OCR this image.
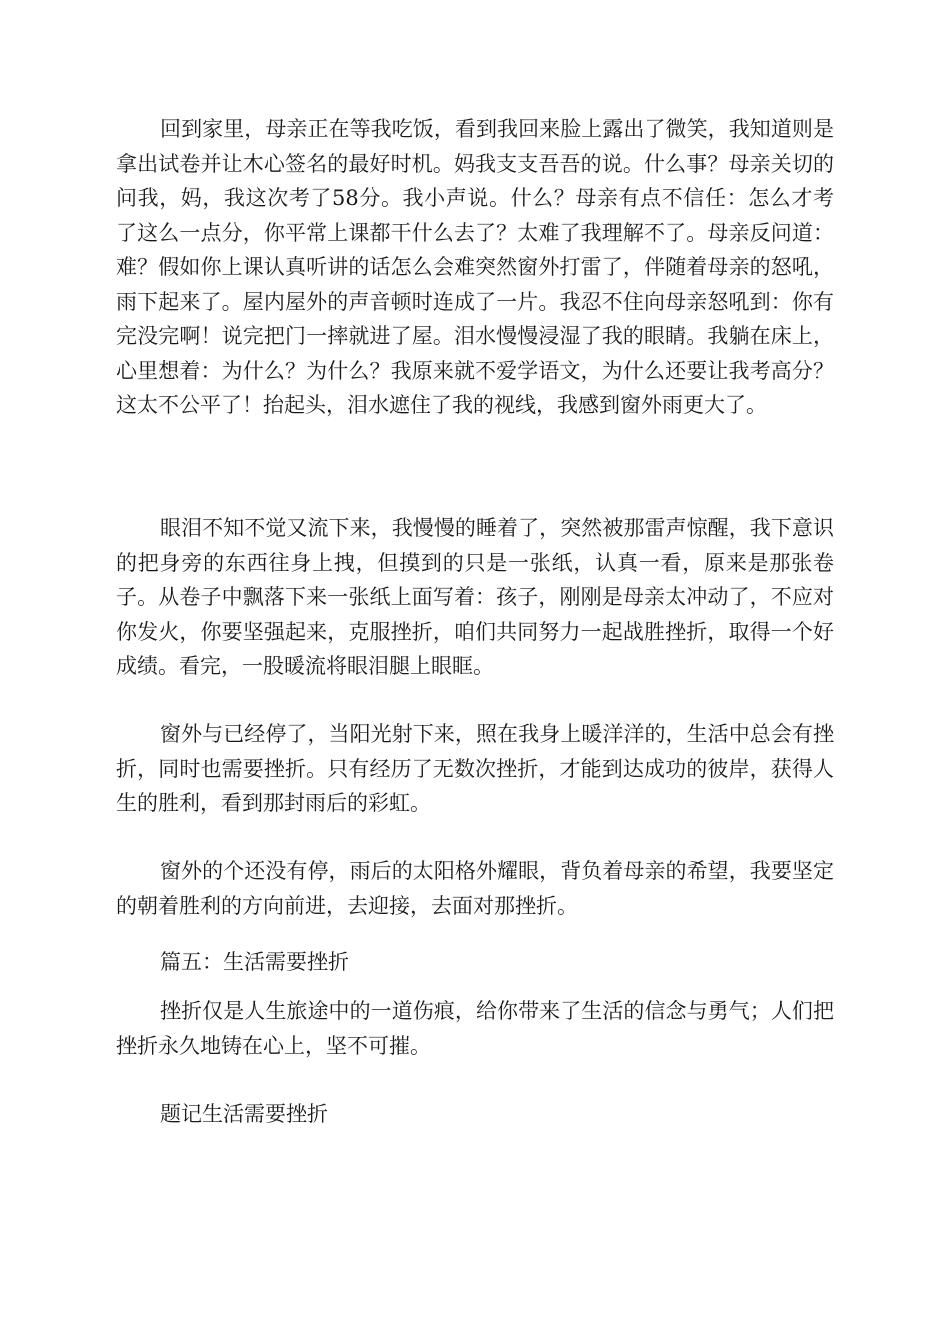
回到家里，母亲正在等我吃饭，看到我回来脸上露出了微笑，我知道则是拿出试卷并让木心签名的最好时机。妈我支支吾吾的说。什么事？母亲关切的问我，妈，我这次考了58分。我小声说。什么？母亲有点不信任：怎么才考了这么一点分，你平常上课都干什么去了？太难了我理解不了。母亲反问道：难？假如你上课认真听讲的话怎么会难突然窗外打雷了，伴随着母亲的怒吼，雨下起来了。屋内屋外的声音顿时连成了一片。我忍不住向母亲怒吼到：你有完没完啊！说完把门一摔就进了屋。泪水慢慢浸湿了我的眼睛。我躺在床上，心里想着：为什么？为什么？我原来就不爱学语文，为什么还要让我考高分？这太不公平了！抬起头，泪水遮住了我的视线，我感到窗外雨更大了。

眼泪不知不觉又流下来，我慢慢的睡着了，突然被那雷声惊醒，我下意识的把身旁的东西往身上拽，但摸到的只是一张纸，认真一看，原来是那张卷子。从卷子中飘落下来一张纸上面写着：孩子，刚刚是母亲太冲动了，不应对你发火，你要坚强起来，克服挫折，咱们共同努力一起战胜挫折，取得一个好成绩。看完，一股暖流将眼泪腿上眼眶。

窗外与已经停了，当阳光射下来，照在我身上暖洋洋的，生活中总会有挫折，同时也需要挫折。只有经历了无数次挫折，才能到达成功的彼岸，获得人生的胜利，看到那封雨后的彩虹。

窗外的个还没有停，雨后的太阳格外耀眼，背负着母亲的希望，我要坚定的朝着胜利的方向前进，去迎接，去面对那挫折。

篇五：生活需要挫折

挫折仅是人生旅途中的一道伤痕，给你带来了生活的信念与勇气；人们把挫折永久地铸在心上，坚不可摧。

题记生活需要挫折
